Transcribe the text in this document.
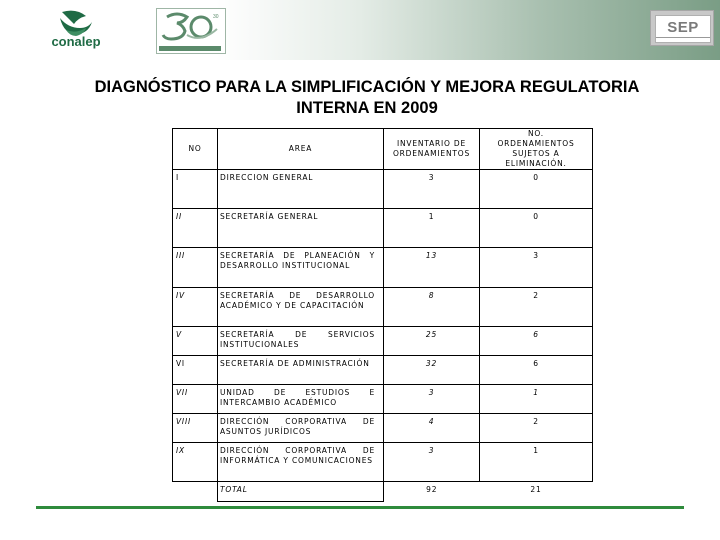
conalep
30
SEP
DIAGNÓSTICO PARA LA SIMPLIFICACIÓN Y MEJORA REGULATORIA
INTERNA EN 2009
NO	AREA	INVENTARIO DE ORDENAMIENTOS	NO. ORDENAMIENTOS SUJETOS A ELIMINACIÓN.
I	DIRECCION GENERAL	3	0
II	SECRETARÍA GENERAL	1	0
III	SECRETARÍA DE PLANEACIÓN Y DESARROLLO INSTITUCIONAL	13	3
IV	SECRETARÍA DE DESARROLLO ACADÉMICO Y DE CAPACITACIÓN	8	2
V	SECRETARÍA DE SERVICIOS INSTITUCIONALES	25	6
VI	SECRETARÍA DE ADMINISTRACIÓN	32	6
VII	UNIDAD DE ESTUDIOS E INTERCAMBIO ACADÉMICO	3	1
VIII	DIRECCIÓN CORPORATIVA DE ASUNTOS JURÍDICOS	4	2
IX	DIRECCIÓN CORPORATIVA DE INFORMÁTICA Y COMUNICACIONES	3	1
	TOTAL	92	21
